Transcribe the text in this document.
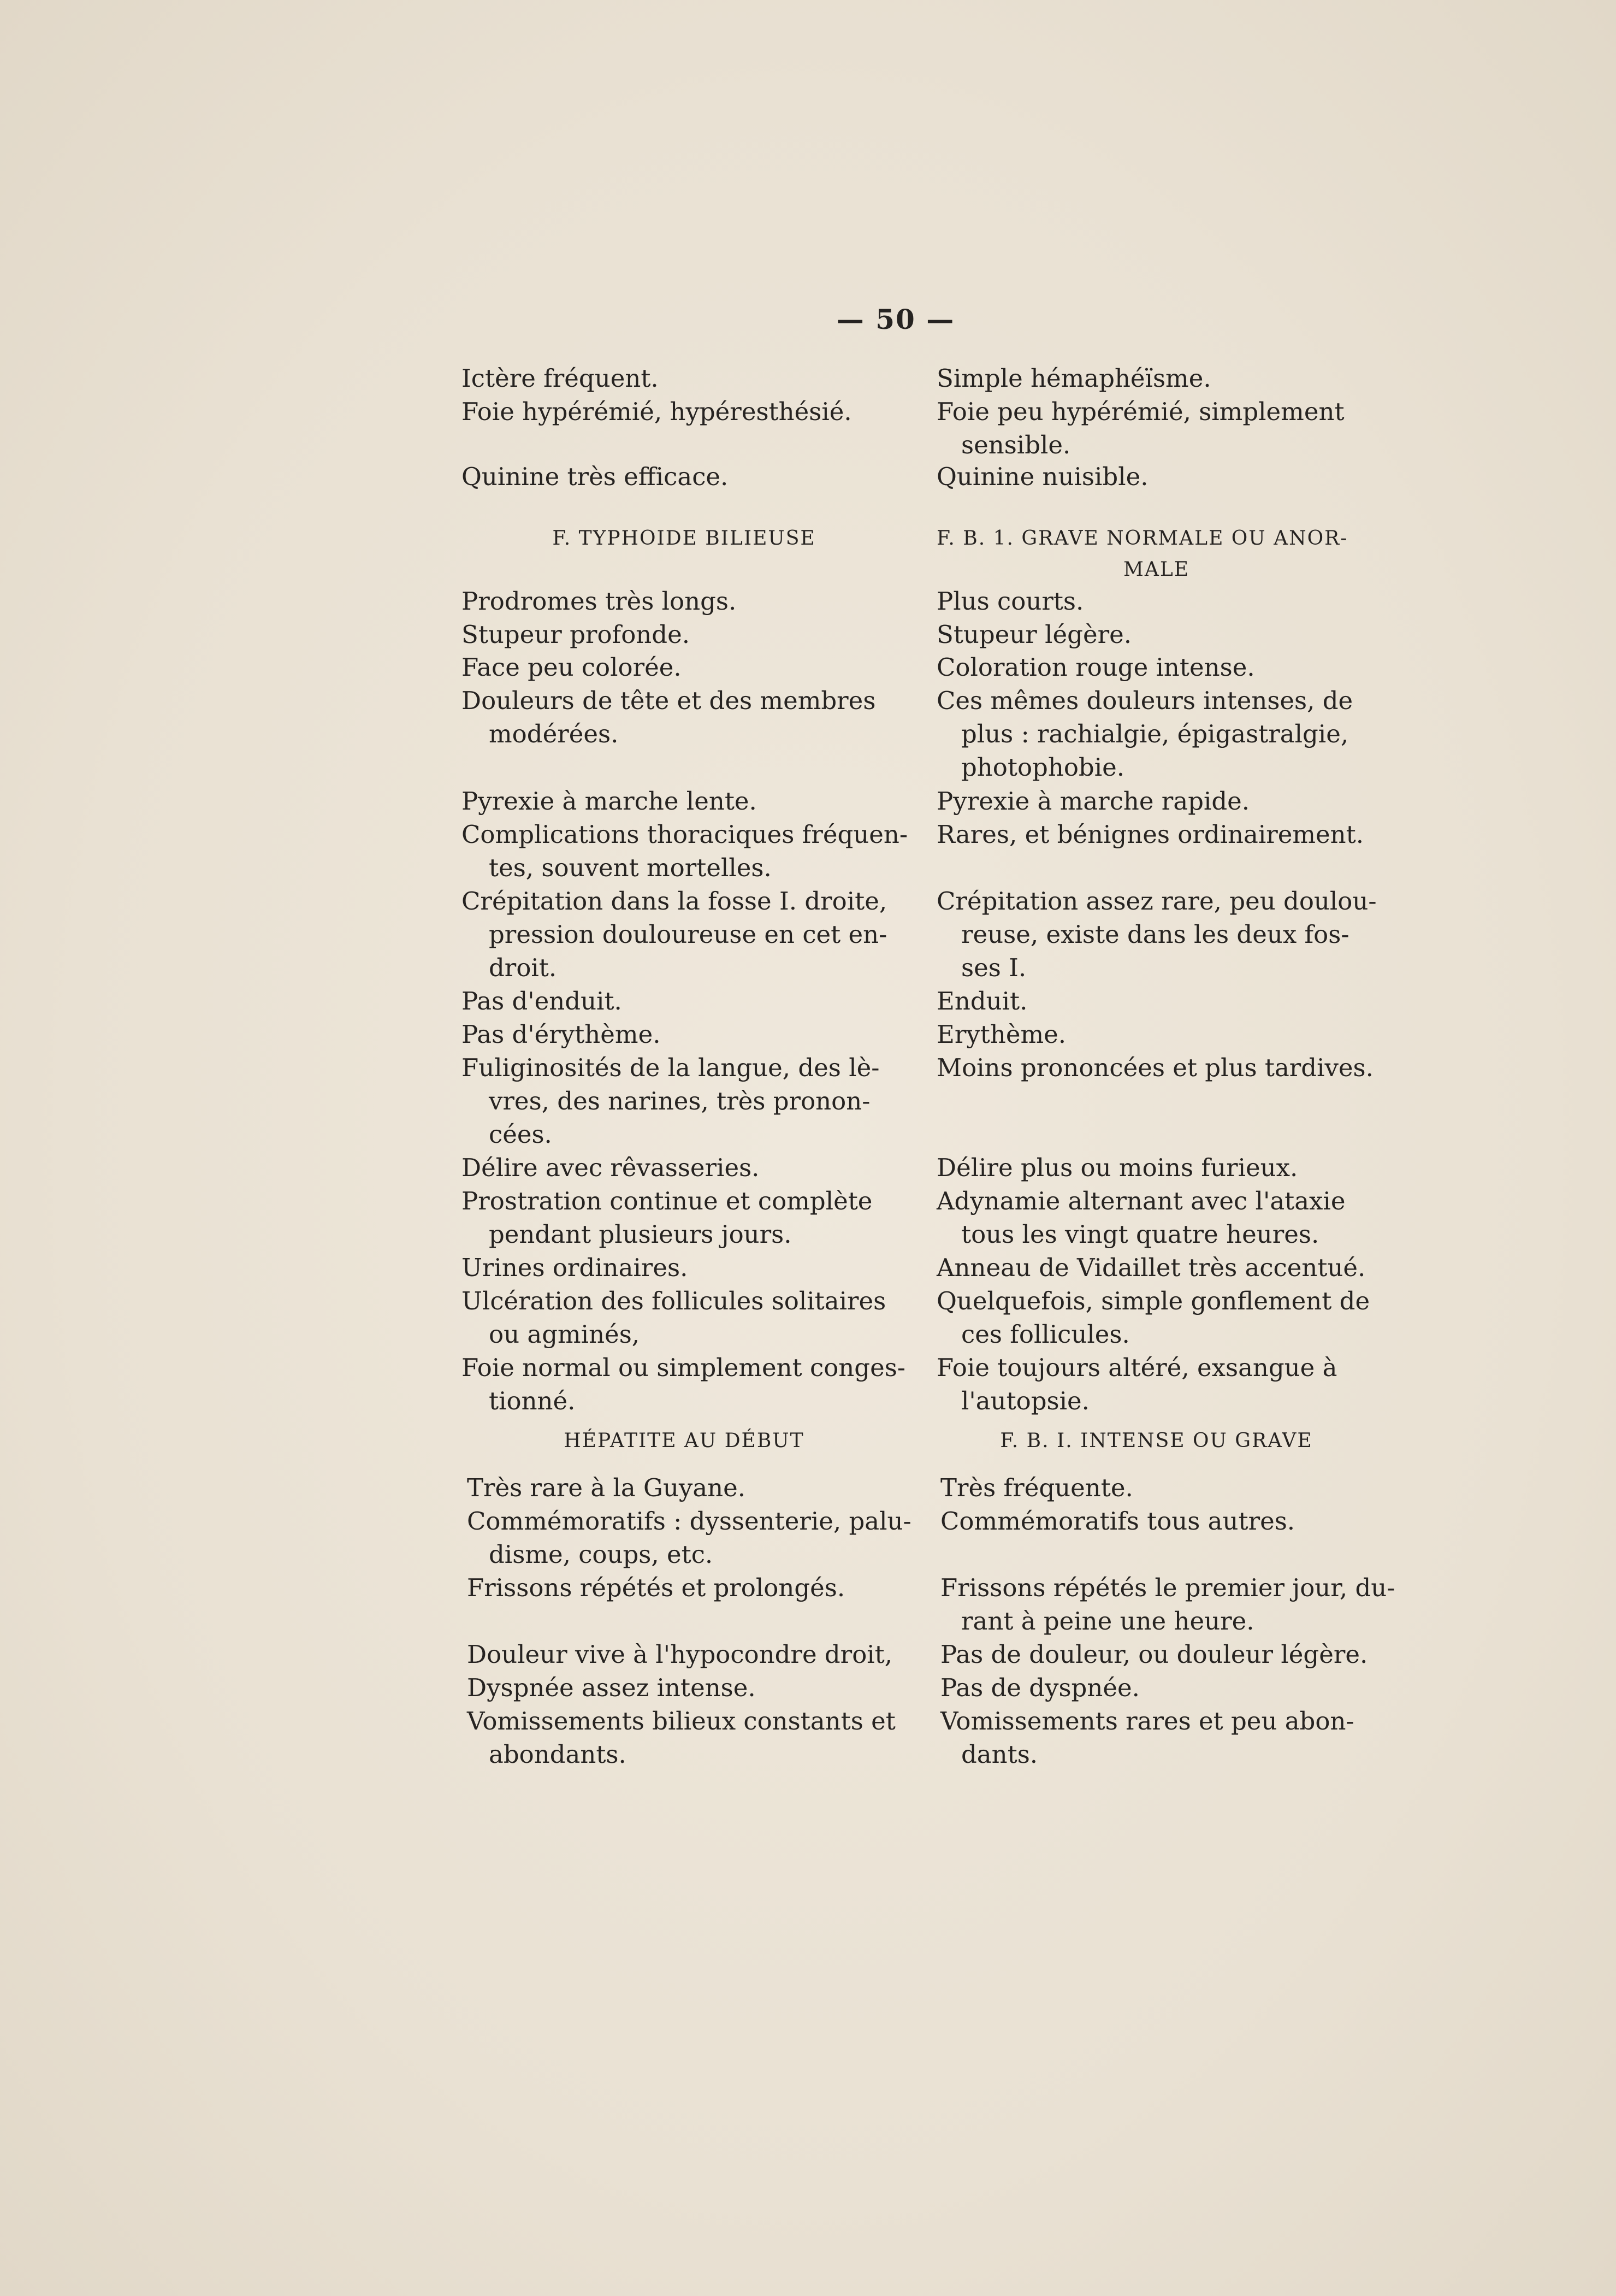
— 50 —
Ictère fréquent.
Foie hypérémié, hypéresthésié.
Quinine très efficace.
F. TYPHOIDE BILIEUSE
Prodromes très longs.
Stupeur profonde.
Face peu colorée.
Douleurs de tête et des membres
modérées.
Pyrexie à marche lente.
Complications thoraciques fréquen-
tes, souvent mortelles.
Crépitation dans la fosse I. droite,
pression douloureuse en cet en-
droit.
Pas d'enduit.
Pas d'érythème.
Fuliginosités de la langue, des lè-
vres, des narines, très pronon-
cées.
Délire avec rêvasseries.
Prostration continue et complète
pendant plusieurs jours.
Urines ordinaires.
Ulcération des follicules solitaires
ou agminés,
Foie normal ou simplement conges-
tionné.
HÉPATITE AU DÉBUT
Très rare à la Guyane.
Commémoratifs : dyssenterie, palu-
disme, coups, etc.
Frissons répétés et prolongés.
Douleur vive à l'hypocondre droit,
Dyspnée assez intense.
Vomissements bilieux constants et
abondants.
Simple hémaphéïsme.
Foie peu hypérémié, simplement
sensible.
Quinine nuisible.
F. B. 1. GRAVE NORMALE OU ANOR-
MALE
Plus courts.
Stupeur légère.
Coloration rouge intense.
Ces mêmes douleurs intenses, de
plus : rachialgie, épigastralgie,
photophobie.
Pyrexie à marche rapide.
Rares, et bénignes ordinairement.
Crépitation assez rare, peu doulou-
reuse, existe dans les deux fos-
ses I.
Enduit.
Erythème.
Moins prononcées et plus tardives.
Délire plus ou moins furieux.
Adynamie alternant avec l'ataxie
tous les vingt quatre heures.
Anneau de Vidaillet très accentué.
Quelquefois, simple gonflement de
ces follicules.
Foie toujours altéré, exsangue à
l'autopsie.
F. B. I. INTENSE OU GRAVE
Très fréquente.
Commémoratifs tous autres.
Frissons répétés le premier jour, du-
rant à peine une heure.
Pas de douleur, ou douleur légère.
Pas de dyspnée.
Vomissements rares et peu abon-
dants.
